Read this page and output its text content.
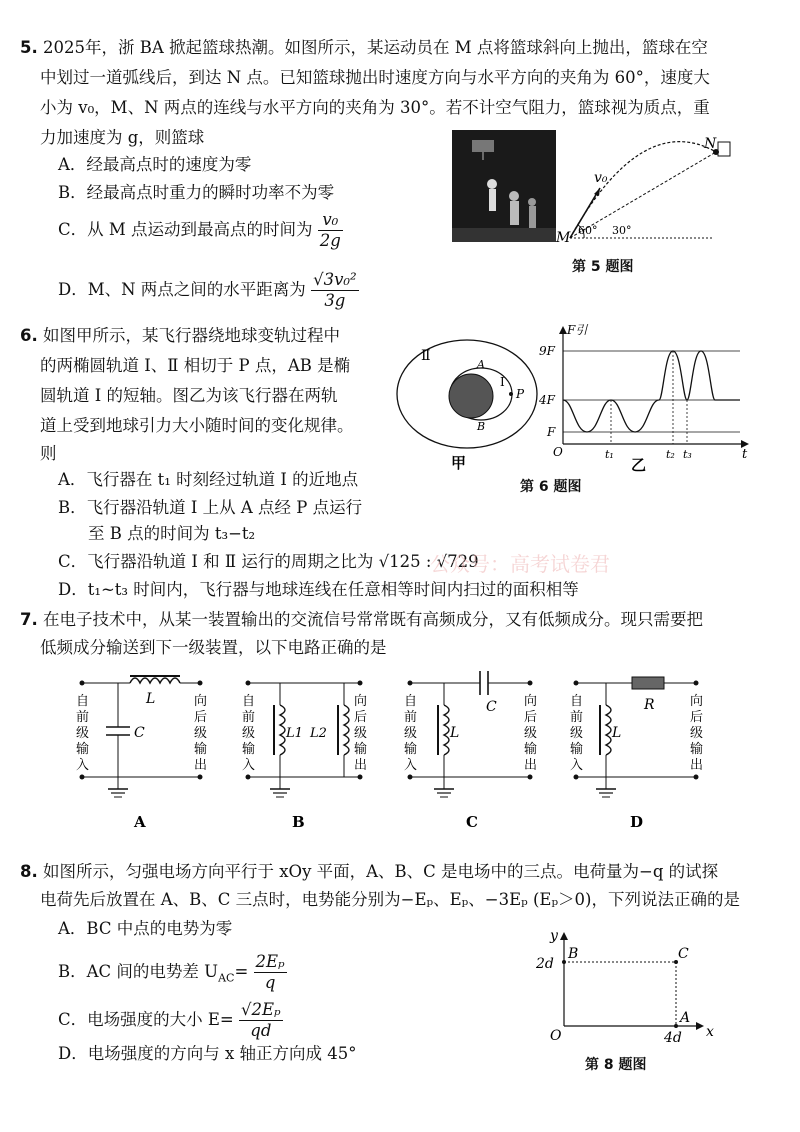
5. 2025年，浙 BA 掀起篮球热潮。如图所示，某运动员在 M 点将篮球斜向上抛出，篮球在空
中划过一道弧线后，到达 N 点。已知篮球抛出时速度方向与水平方向的夹角为 60°，速度大
小为 v₀，M、N 两点的连线与水平方向的夹角为 30°。若不计空气阻力，篮球视为质点，重
力加速度为 g，则篮球
A．经最高点时的速度为零
B．经最高点时重力的瞬时功率不为零
C．从 M 点运动到最高点的时间为 $\frac{\text{v₀}}{2g}$
D．M、N 两点之间的水平距离为 $\frac{\text{√3v₀²}}{3g}$
v₀
M
N
60° 30°
第 5 题图
6. 如图甲所示，某飞行器绕地球变轨过程中
的两椭圆轨道 Ⅰ、Ⅱ 相切于 P 点，AB 是椭
圆轨道 Ⅰ 的短轴。图乙为该飞行器在两轨
道上受到地球引力大小随时间的变化规律。
则
A．飞行器在 t₁ 时刻经过轨道 Ⅰ 的近地点
B．飞行器沿轨道 Ⅰ 上从 A 点经 P 点运行
至 B 点的时间为 t₃−t₂
C．飞行器沿轨道 Ⅰ 和 Ⅱ 运行的周期之比为 √125 : √729
D．t₁~t₃ 时间内，飞行器与地球连线在任意相等时间内扫过的面积相等
公众号：高考试卷君
Ⅱ
Ⅰ
A
B
P
甲
F引
9F
4F
F
O	t₁	t₂ t₃	t
乙
第 6 题图
7. 在电子技术中，从某一装置输出的交流信号常常既有高频成分，又有低频成分。现只需要把
低频成分输送到下一级装置，以下电路正确的是
L
C	L1 L2
C
L
R
L
自
前
级
输
入
向
后
级
输
出
自
前
级
输
入
向
后
级
输
出
自
前
级
输
入
向
后
级
输
出
自
前
级
输
入
向
后
级
输
出
A	B	C	D
8. 如图所示，匀强电场方向平行于 xOy 平面，A、B、C 是电场中的三点。电荷量为−q 的试探
电荷先后放置在 A、B、C 三点时，电势能分别为−Eₚ、Eₚ、−3Eₚ (Eₚ＞0)，下列说法正确的是
A．BC 中点的电势为零
B．AC 间的电势差 $U_{AC}= \frac{\text{2Eₚ}}{q}$
C．电场强度的大小 $E= \frac{\text{√2Eₚ}}{qd}$
D．电场强度的方向与 x 轴正方向成 45°
y
x
O
B	C
A
2d
4d
第 8 题图
